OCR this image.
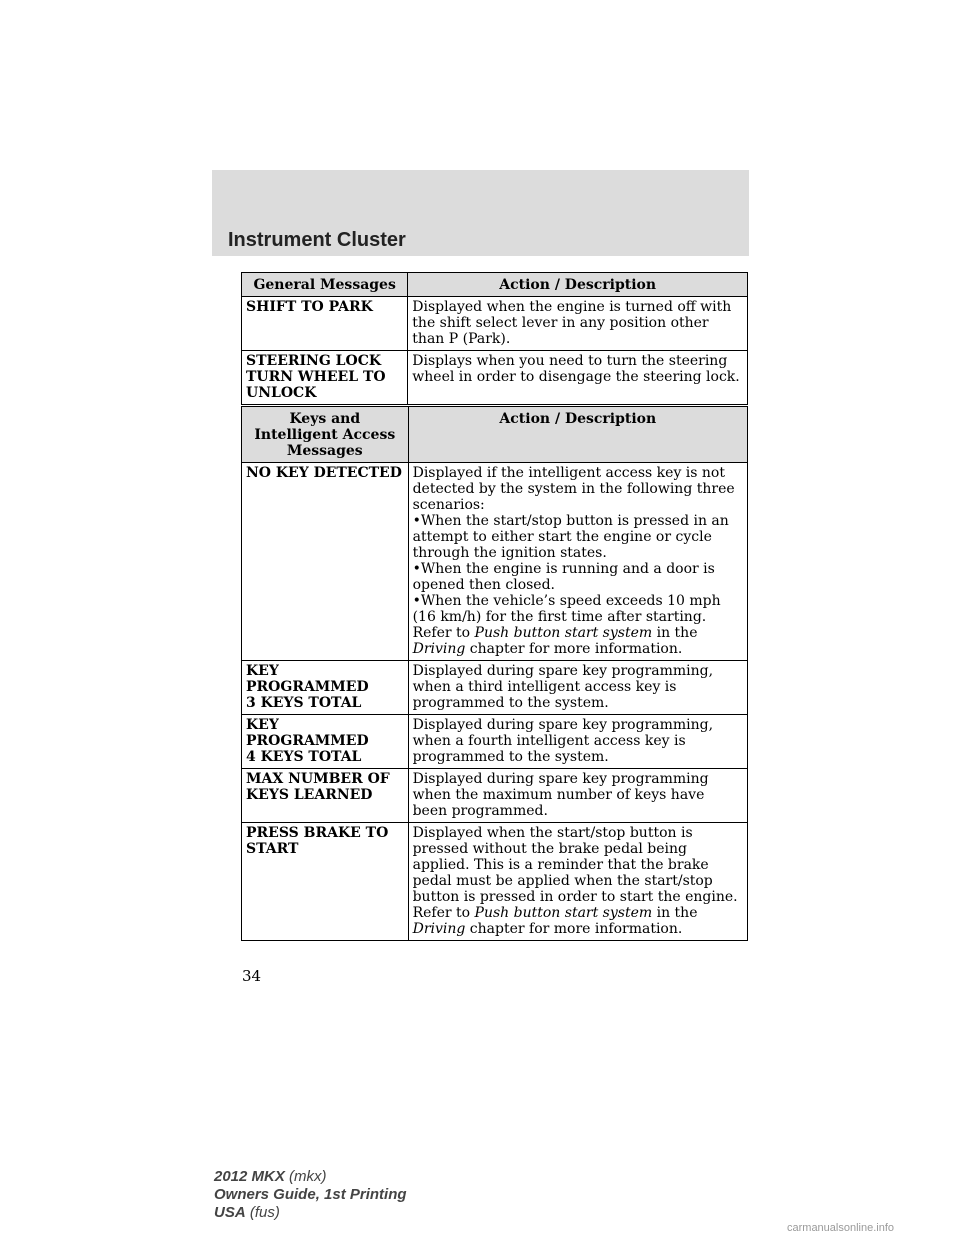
Instrument Cluster
General Messages	Action / Description
SHIFT TO PARK	Displayed when the engine is turned off with the shift select lever in any position other than P (Park).
STEERING LOCK
TURN WHEEL TO
UNLOCK	Displays when you need to turn the steering wheel in order to disengage the steering lock.
Keys and Intelligent Access Messages	Action / Description
NO KEY DETECTED	Displayed if the intelligent access key is not detected by the system in the following three scenarios:
•When the start/stop button is pressed in an attempt to either start the engine or cycle through the ignition states.
•When the engine is running and a door is opened then closed.
•When the vehicle’s speed exceeds 10 mph (16 km/h) for the first time after starting.
Refer to Push button start system in the Driving chapter for more information.

KEY PROGRAMMED
3 KEYS TOTAL	Displayed during spare key programming, when a third intelligent access key is programmed to the system.
KEY PROGRAMMED
4 KEYS TOTAL	Displayed during spare key programming, when a fourth intelligent access key is programmed to the system.
MAX NUMBER OF
KEYS LEARNED	Displayed during spare key programming when the maximum number of keys have been programmed.
PRESS BRAKE TO
START	Displayed when the start/stop button is pressed without the brake pedal being applied. This is a reminder that the brake pedal must be applied when the start/stop button is pressed in order to start the engine. Refer to Push button start system in the Driving chapter for more information.
34
2012 MKX (mkx)
Owners Guide, 1st Printing
USA (fus)
carmanualsonline.info
